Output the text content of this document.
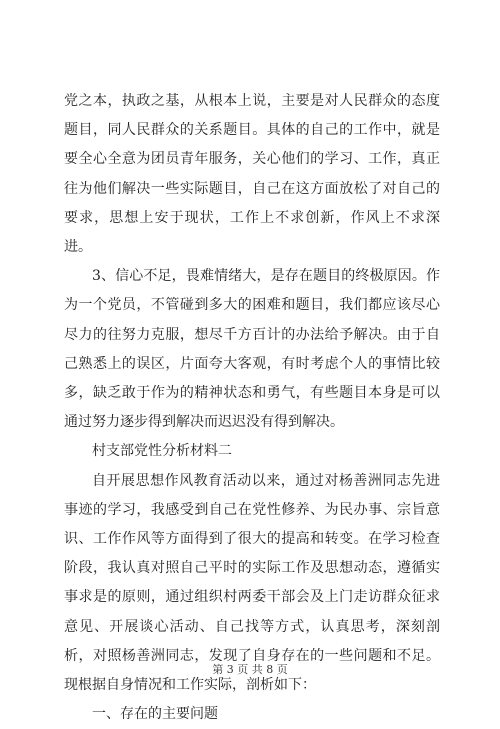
党之本，执政之基，从根本上说，主要是对人民群众的态度题目，同人民群众的关系题目。具体的自己的工作中，就是要全心全意为团员青年服务，关心他们的学习、工作，真正往为他们解决一些实际题目，自己在这方面放松了对自己的要求，思想上安于现状，工作上不求创新，作风上不求深进。

3、信心不足，畏难情绪大，是存在题目的终极原因。作为一个党员，不管碰到多大的困难和题目，我们都应该尽心尽力的往努力克服，想尽千方百计的办法给予解决。由于自己熟悉上的误区，片面夸大客观，有时考虑个人的事情比较多，缺乏敢于作为的精神状态和勇气，有些题目本身是可以通过努力逐步得到解决而迟迟没有得到解决。

村支部党性分析材料二

自开展思想作风教育活动以来，通过对杨善洲同志先进事迹的学习，我感受到自己在党性修养、为民办事、宗旨意识、工作作风等方面得到了很大的提高和转变。在学习检查阶段，我认真对照自己平时的实际工作及思想动态，遵循实事求是的原则，通过组织村两委干部会及上门走访群众征求意见、开展谈心活动、自己找等方式，认真思考，深刻剖析，对照杨善洲同志，发现了自身存在的一些问题和不足。现根据自身情况和工作实际，剖析如下：

一、存在的主要问题

第 3 页 共 8 页
